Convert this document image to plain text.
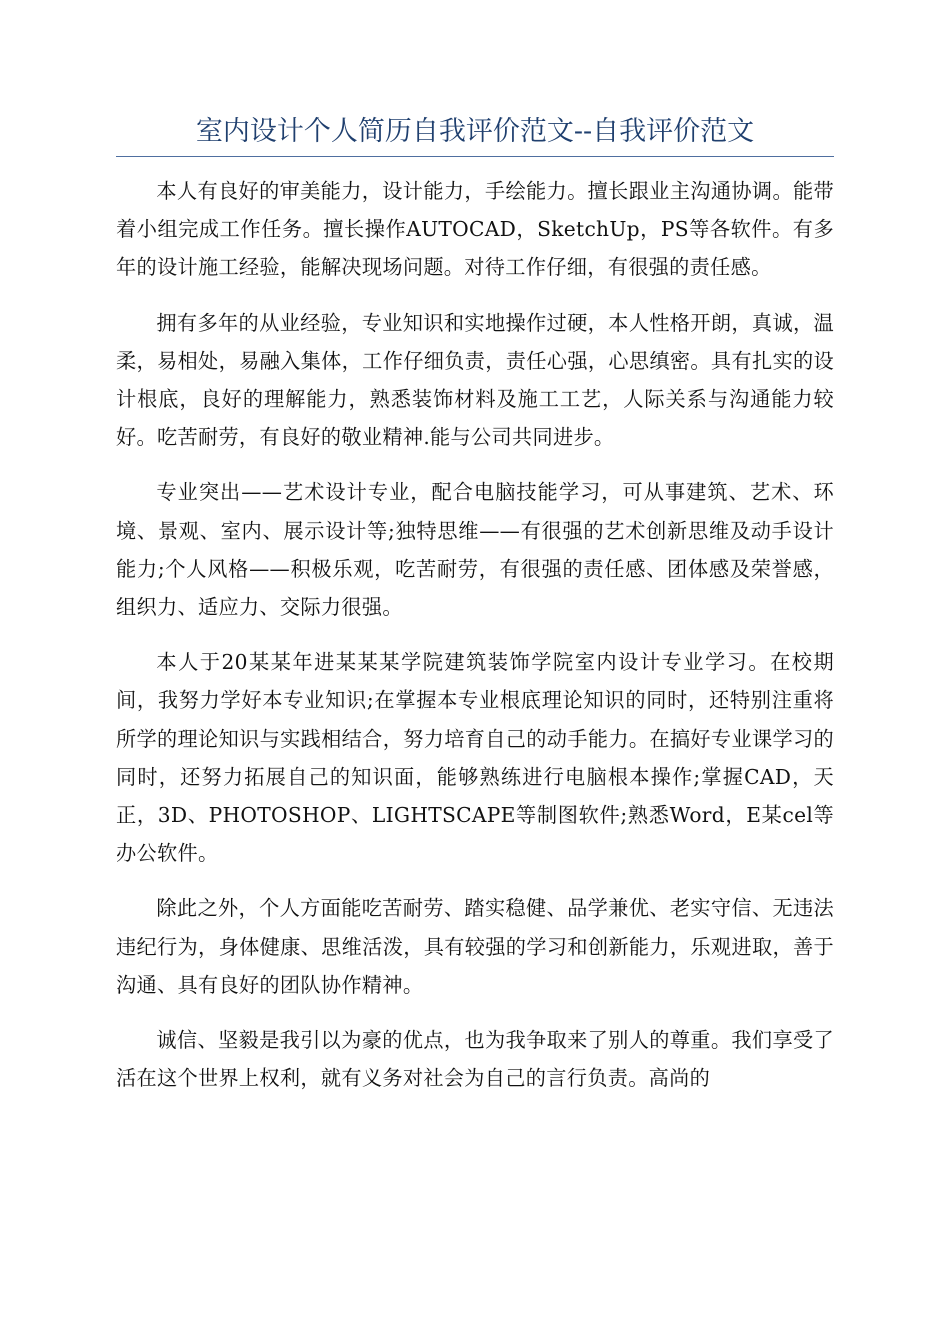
室内设计个人简历自我评价范文--自我评价范文

本人有良好的审美能力，设计能力，手绘能力。擅长跟业主沟通协调。能带着小组完成工作任务。擅长操作AUTOCAD，SketchUp，PS等各软件。有多年的设计施工经验，能解决现场问题。对待工作仔细，有很强的责任感。

拥有多年的从业经验，专业知识和实地操作过硬，本人性格开朗，真诚，温柔，易相处，易融入集体，工作仔细负责，责任心强，心思缜密。具有扎实的设计根底，良好的理解能力，熟悉装饰材料及施工工艺，人际关系与沟通能力较好。吃苦耐劳，有良好的敬业精神.能与公司共同进步。

专业突出——艺术设计专业，配合电脑技能学习，可从事建筑、艺术、环境、景观、室内、展示设计等;独特思维——有很强的艺术创新思维及动手设计能力;个人风格——积极乐观，吃苦耐劳，有很强的责任感、团体感及荣誉感，组织力、适应力、交际力很强。

本人于20某某年进某某某学院建筑装饰学院室内设计专业学习。在校期间，我努力学好本专业知识;在掌握本专业根底理论知识的同时，还特别注重将所学的理论知识与实践相结合，努力培育自己的动手能力。在搞好专业课学习的同时，还努力拓展自己的知识面，能够熟练进行电脑根本操作;掌握CAD，天正，3D、PHOTOSHOP、LIGHTSCAPE等制图软件;熟悉Word，E某cel等办公软件。

除此之外，个人方面能吃苦耐劳、踏实稳健、品学兼优、老实守信、无违法违纪行为，身体健康、思维活泼，具有较强的学习和创新能力，乐观进取，善于沟通、具有良好的团队协作精神。

诚信、坚毅是我引以为豪的优点，也为我争取来了别人的尊重。我们享受了活在这个世界上权利，就有义务对社会为自己的言行负责。高尚的
